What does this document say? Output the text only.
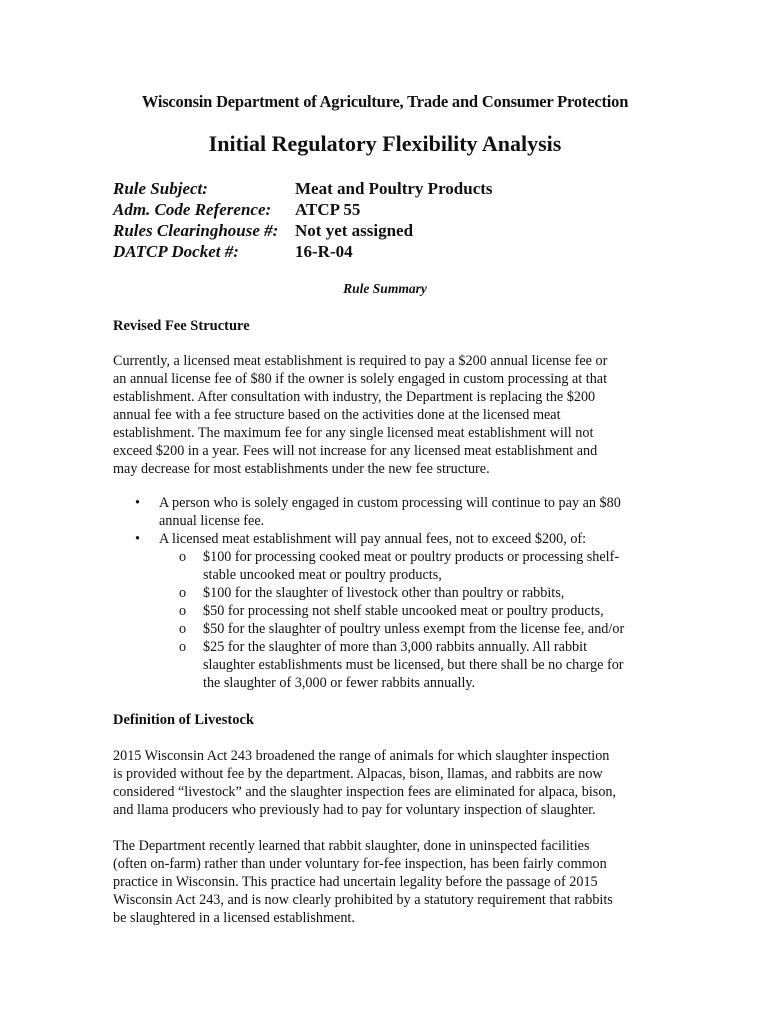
Wisconsin Department of Agriculture, Trade and Consumer Protection
Initial Regulatory Flexibility Analysis
Rule Subject:	Meat and Poultry Products
Adm. Code Reference: ATCP 55
Rules Clearinghouse #: Not yet assigned
DATCP Docket #:	16-R-04
Rule Summary
Revised Fee Structure

Currently, a licensed meat establishment is required to pay a $200 annual license fee or
an annual license fee of $80 if the owner is solely engaged in custom processing at that
establishment. After consultation with industry, the Department is replacing the $200
annual fee with a fee structure based on the activities done at the licensed meat
establishment. The maximum fee for any single licensed meat establishment will not
exceed $200 in a year. Fees will not increase for any licensed meat establishment and
may decrease for most establishments under the new fee structure.

• A person who is solely engaged in custom processing will continue to pay an $80
annual license fee.
• A licensed meat establishment will pay annual fees, not to exceed $200, of:
o $100 for processing cooked meat or poultry products or processing shelf-
stable uncooked meat or poultry products,
o $100 for the slaughter of livestock other than poultry or rabbits,
o $50 for processing not shelf stable uncooked meat or poultry products,
o $50 for the slaughter of poultry unless exempt from the license fee, and/or
o $25 for the slaughter of more than 3,000 rabbits annually. All rabbit
slaughter establishments must be licensed, but there shall be no charge for
the slaughter of 3,000 or fewer rabbits annually.
Definition of Livestock

2015 Wisconsin Act 243 broadened the range of animals for which slaughter inspection
is provided without fee by the department. Alpacas, bison, llamas, and rabbits are now
considered “livestock” and the slaughter inspection fees are eliminated for alpaca, bison,
and llama producers who previously had to pay for voluntary inspection of slaughter.

The Department recently learned that rabbit slaughter, done in uninspected facilities
(often on-farm) rather than under voluntary for-fee inspection, has been fairly common
practice in Wisconsin. This practice had uncertain legality before the passage of 2015
Wisconsin Act 243, and is now clearly prohibited by a statutory requirement that rabbits
be slaughtered in a licensed establishment.
